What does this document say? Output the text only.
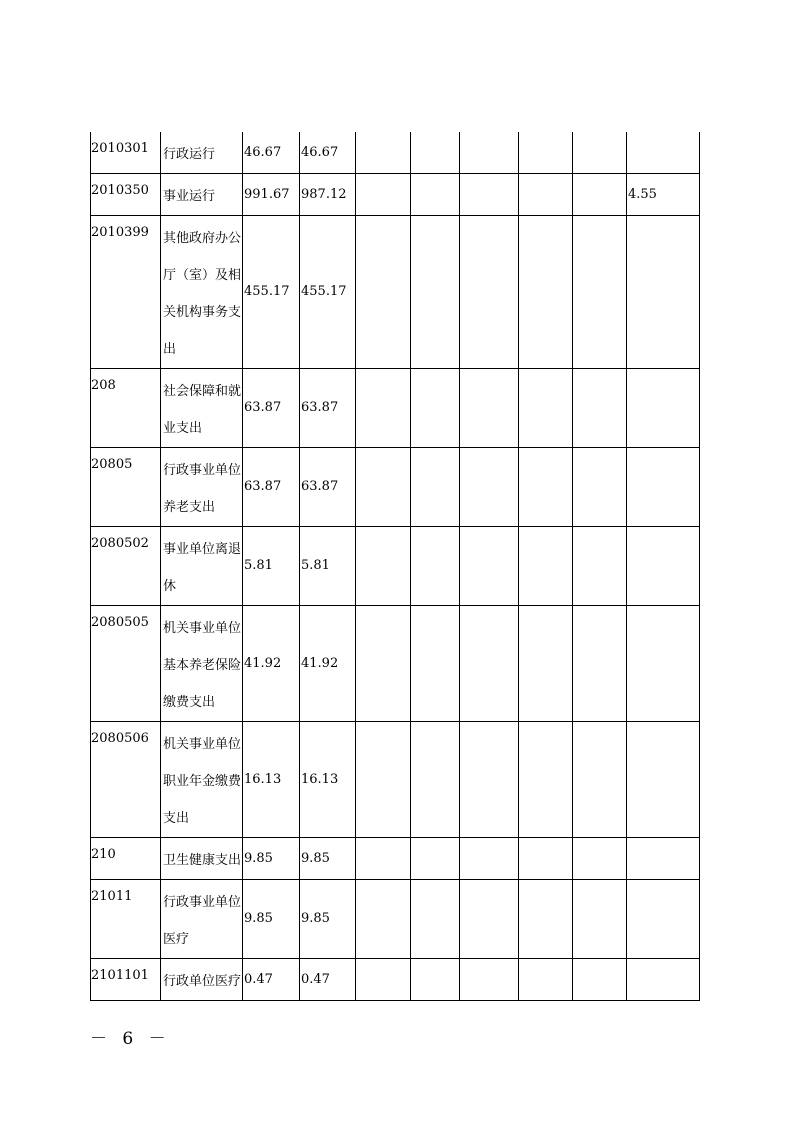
2010301	行政运行	46.67	46.67						
2010350	事业运行	991.67	987.12						4.55
2010399	其他政府办公厅（室）及相关机构事务支出	455.17	455.17						
208	社会保障和就业支出	63.87	63.87						
20805	行政事业单位养老支出	63.87	63.87						
2080502	事业单位离退休	5.81	5.81						
2080505	机关事业单位基本养老保险缴费支出	41.92	41.92						
2080506	机关事业单位职业年金缴费支出	16.13	16.13						
210	卫生健康支出	9.85	9.85						
21011	行政事业单位医疗	9.85	9.85						
2101101	行政单位医疗	0.47	0.47						
－ 6 －
